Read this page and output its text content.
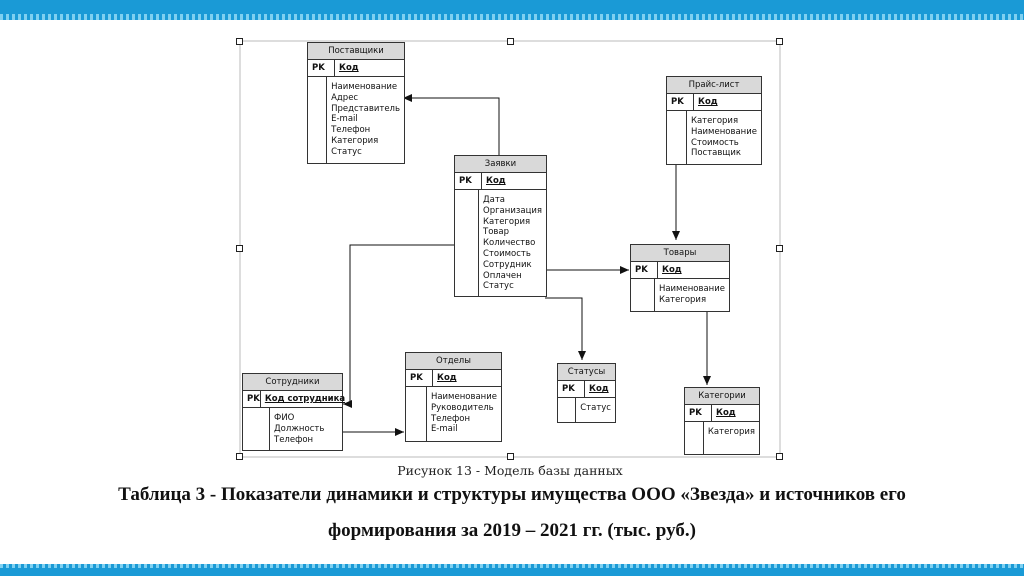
Поставщики
PK	Код
Наименование
Адрес
Представитель
E-mail
Телефон
Категория
Статус
Прайс-лист
PK	Код
Категория
Наименование
Стоимость
Поставщик
Заявки
PK	Код
Дата
Организация
Категория
Товар
Количество
Стоимость
Сотрудник
Оплачен
Статус
Товары
PK	Код
Наименование
Категория
Сотрудники
PK Код сотрудника
ФИО
Должность
Телефон
Отделы
PK	Код
Наименование
Руководитель
Телефон
E-mail
Статусы
PK	Код
Статус
Категории
PK	Код
Категория
Рисунок 13 - Модель базы данных
Таблица 3 - Показатели динамики и структуры имущества ООО «Звезда» и источников его
формирования за 2019 – 2021 гг. (тыс. руб.)
